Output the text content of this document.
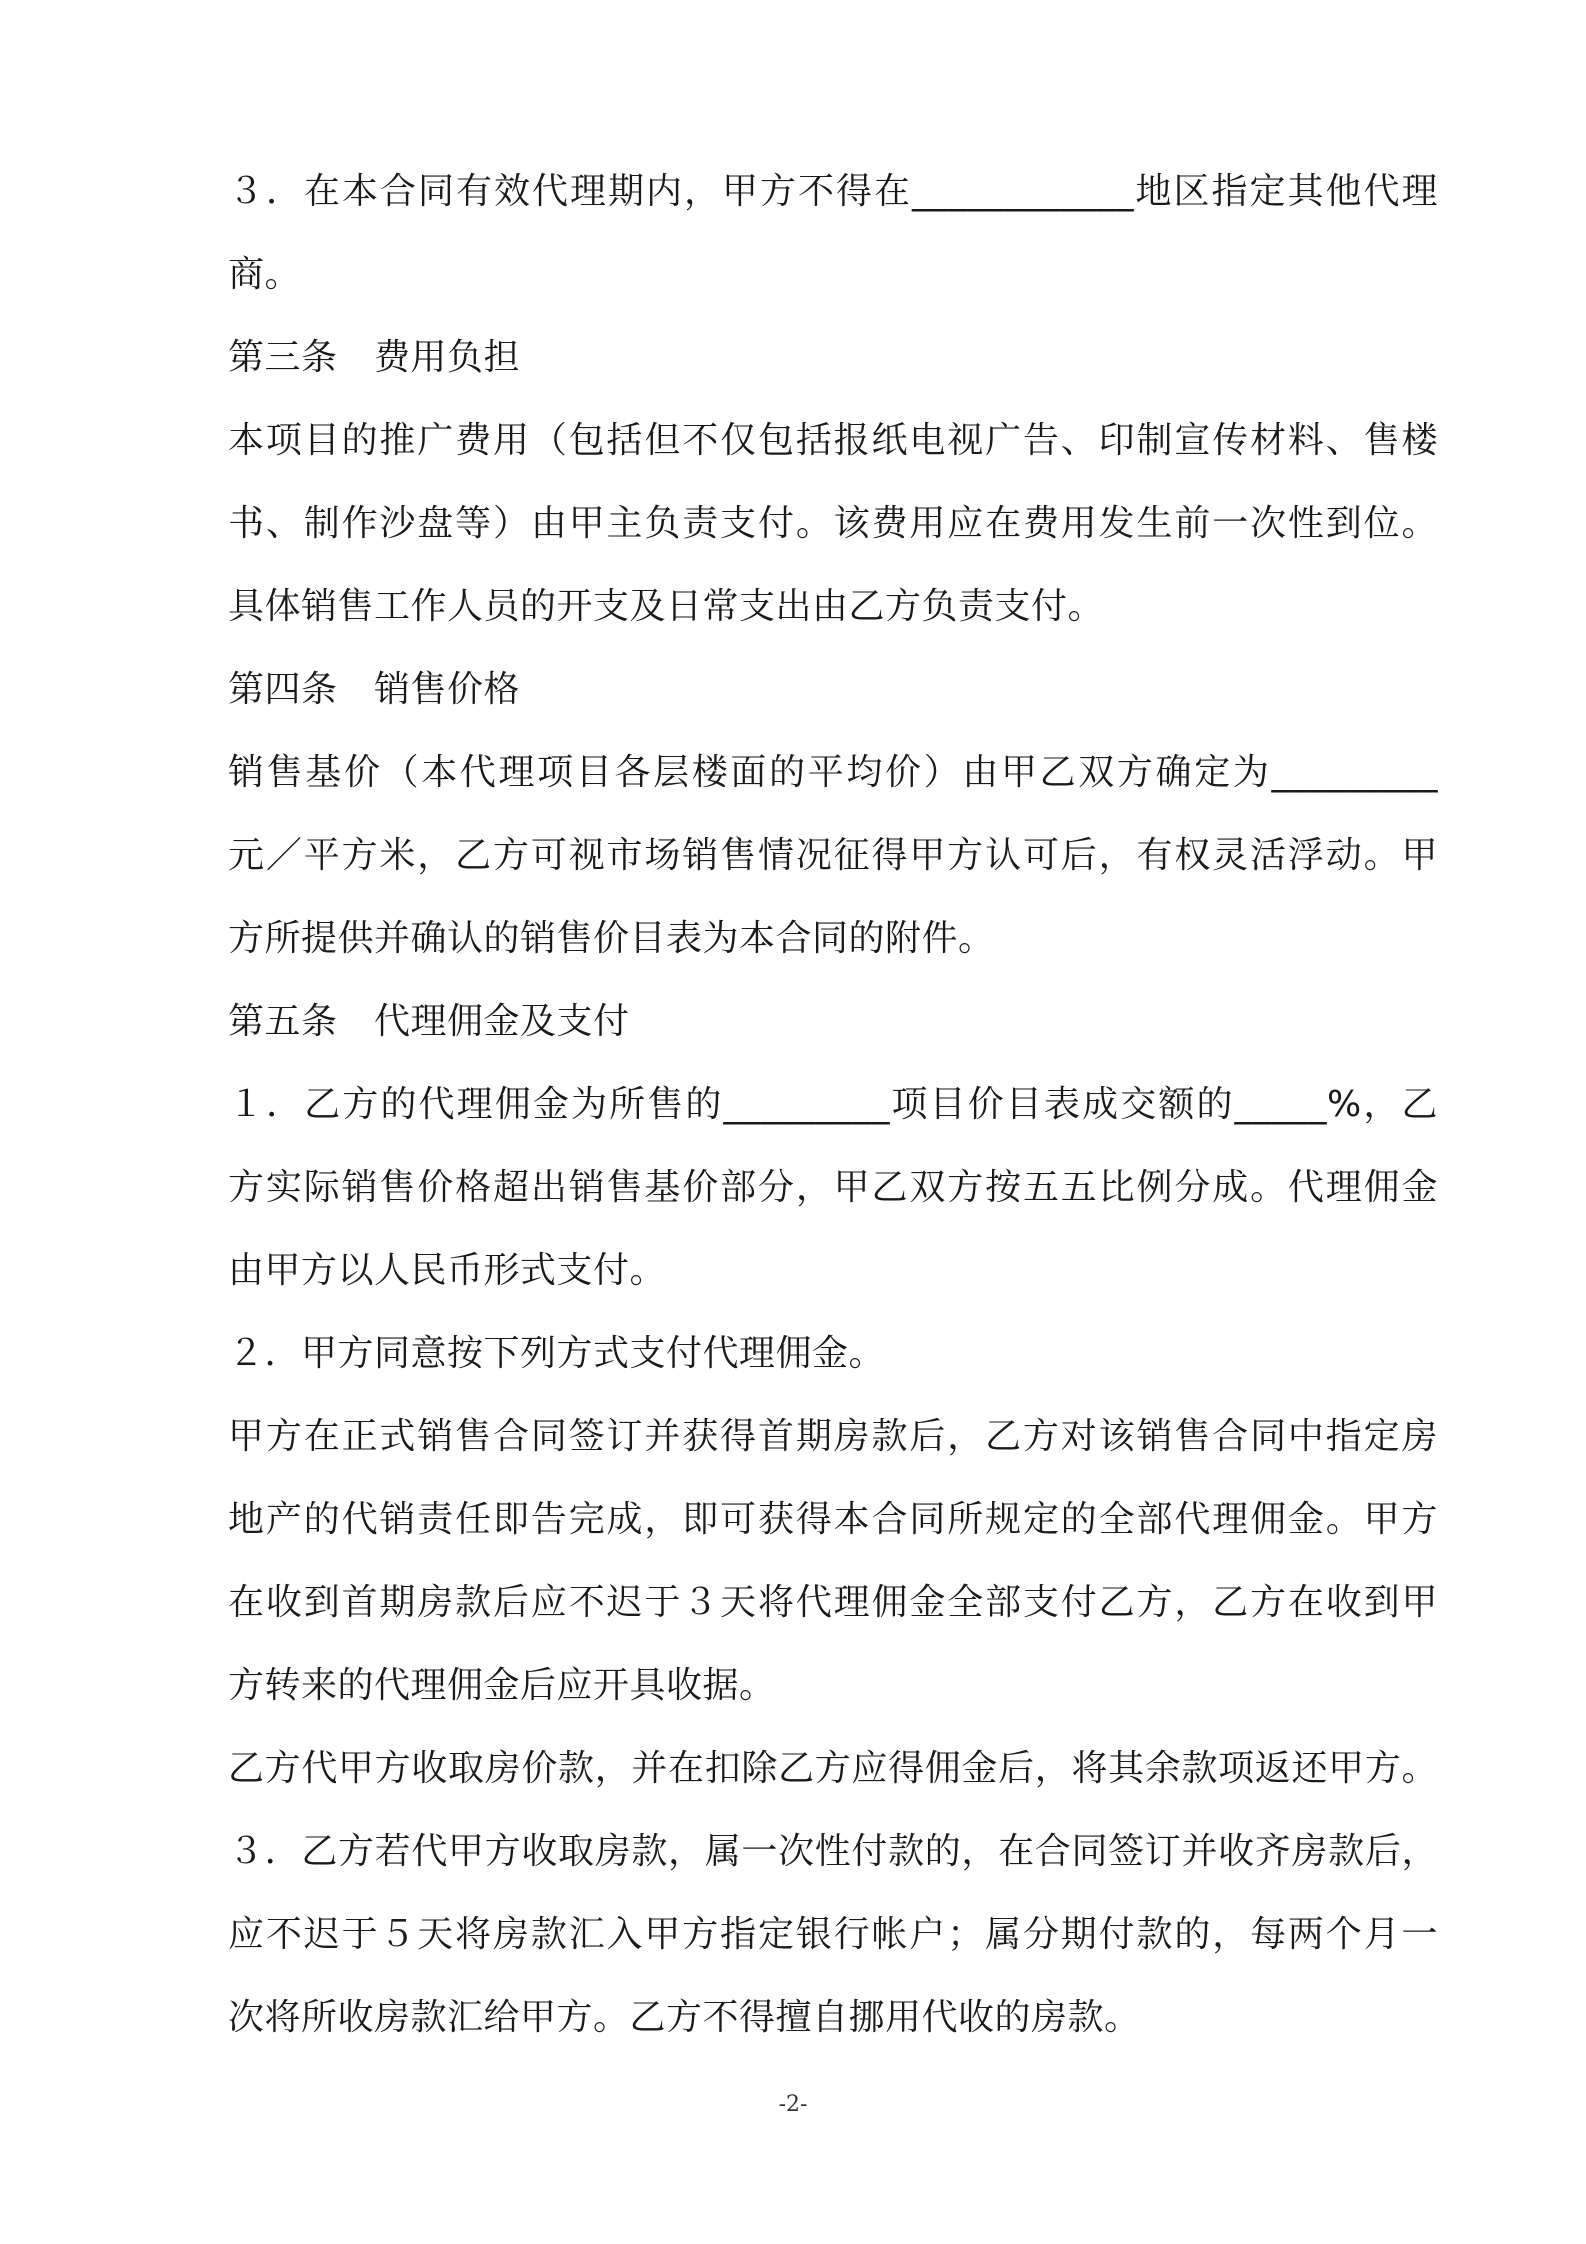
３．在本合同有效代理期内，甲方不得在____________地区指定其他代理
商。
第三条　费用负担
本项目的推广费用（包括但不仅包括报纸电视广告、印制宣传材料、售楼
书、制作沙盘等）由甲主负责支付。该费用应在费用发生前一次性到位。
具体销售工作人员的开支及日常支出由乙方负责支付。
第四条　销售价格
销售基价（本代理项目各层楼面的平均价）由甲乙双方确定为_________
元／平方米，乙方可视市场销售情况征得甲方认可后，有权灵活浮动。甲
方所提供并确认的销售价目表为本合同的附件。
第五条　代理佣金及支付
１．乙方的代理佣金为所售的_________项目价目表成交额的_____%，乙
方实际销售价格超出销售基价部分，甲乙双方按五五比例分成。代理佣金
由甲方以人民币形式支付。
２．甲方同意按下列方式支付代理佣金。
甲方在正式销售合同签订并获得首期房款后，乙方对该销售合同中指定房
地产的代销责任即告完成，即可获得本合同所规定的全部代理佣金。甲方
在收到首期房款后应不迟于３天将代理佣金全部支付乙方，乙方在收到甲
方转来的代理佣金后应开具收据。
乙方代甲方收取房价款，并在扣除乙方应得佣金后，将其余款项返还甲方。
３．乙方若代甲方收取房款，属一次性付款的，在合同签订并收齐房款后，
应不迟于５天将房款汇入甲方指定银行帐户；属分期付款的，每两个月一
次将所收房款汇给甲方。乙方不得擅自挪用代收的房款。
-2-
